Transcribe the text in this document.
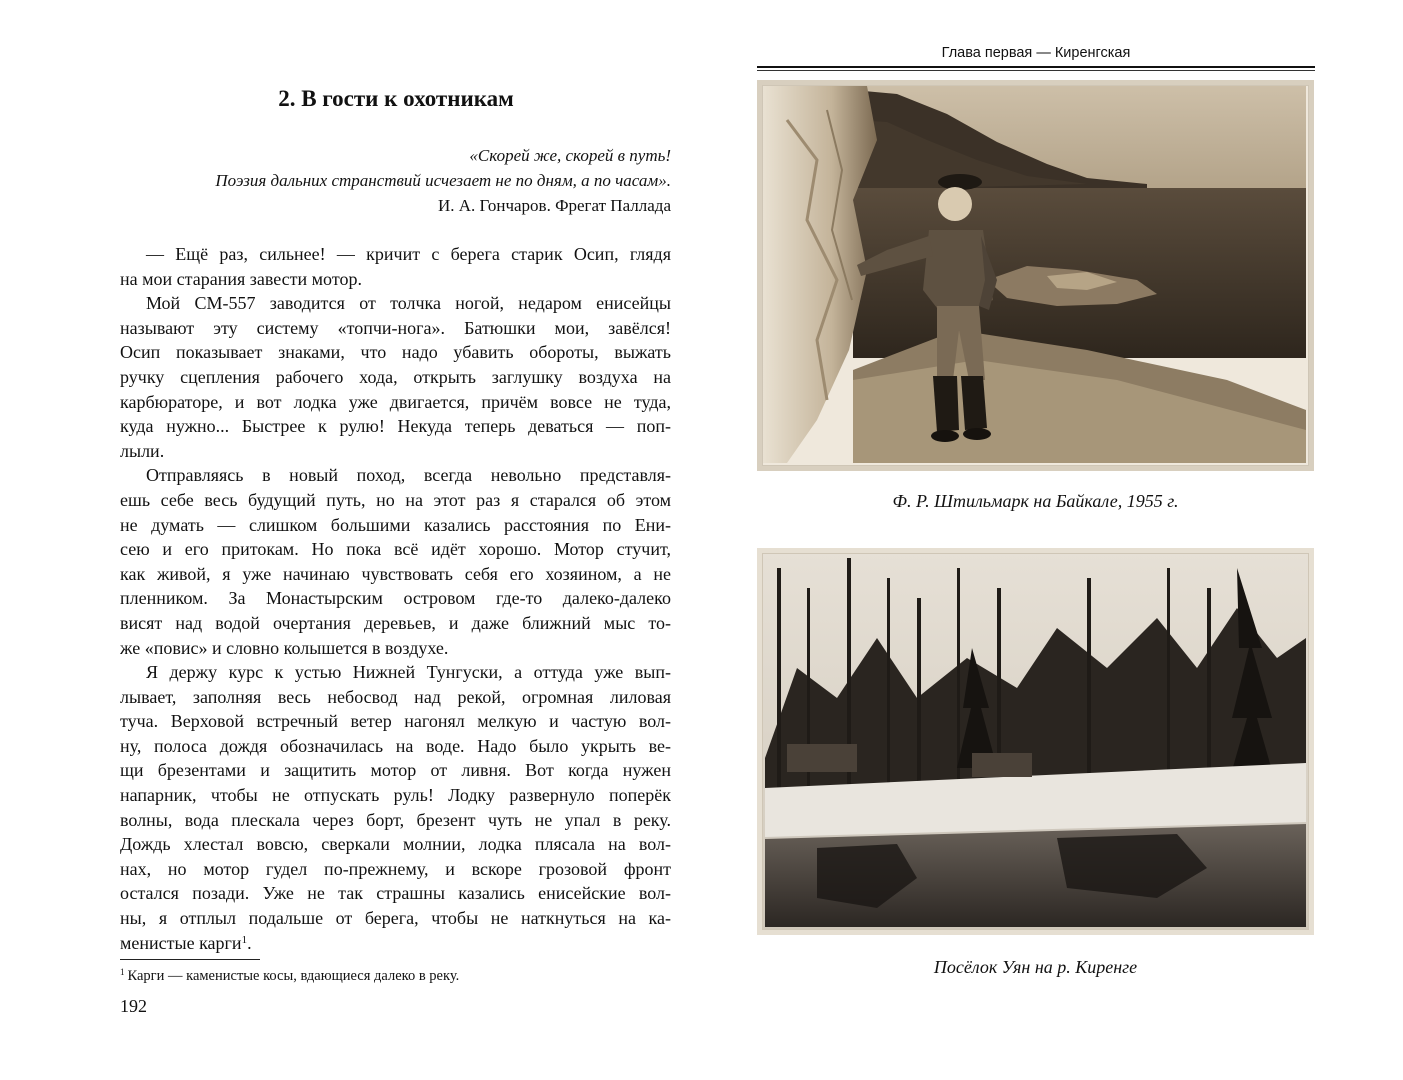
2. В гости к охотникам
«Скорей же, скорей в путь!
Поэзия дальних странствий исчезает не по дням, а по часам».
И. А. Гончаров. Фрегат Паллада
— Ещё раз, сильнее! — кричит с берега старик Осип, глядя
на мои старания завести мотор.
Мой СМ-557 заводится от толчка ногой, недаром енисейцы
называют эту систему «топчи-нога». Батюшки мои, завёлся!
Осип показывает знаками, что надо убавить обороты, выжать
ручку сцепления рабочего хода, открыть заглушку воздуха на
карбюраторе, и вот лодка уже двигается, причём вовсе не туда,
куда нужно... Быстрее к рулю! Некуда теперь деваться — поп-
лыли.
Отправляясь в новый поход, всегда невольно представля-
ешь себе весь будущий путь, но на этот раз я старался об этом
не думать — слишком большими казались расстояния по Ени-
сею и его притокам. Но пока всё идёт хорошо. Мотор стучит,
как живой, я уже начинаю чувствовать себя его хозяином, а не
пленником. За Монастырским островом где-то далеко-далеко
висят над водой очертания деревьев, и даже ближний мыс то-
же «повис» и словно колышется в воздухе.
Я держу курс к устью Нижней Тунгуски, а оттуда уже вып-
лывает, заполняя весь небосвод над рекой, огромная лиловая
туча. Верховой встречный ветер нагонял мелкую и частую вол-
ну, полоса дождя обозначилась на воде. Надо было укрыть ве-
щи брезентами и защитить мотор от ливня. Вот когда нужен
напарник, чтобы не отпускать руль! Лодку развернуло поперёк
волны, вода плескала через борт, брезент чуть не упал в реку.
Дождь хлестал вовсю, сверкали молнии, лодка плясала на вол-
нах, но мотор гудел по-прежнему, и вскоре грозовой фронт
остался позади. Уже не так страшны казались енисейские вол-
ны, я отплыл подальше от берега, чтобы не наткнуться на ка-
менистые карги$^1$.
$^1$ Карги — каменистые косы, вдающиеся далеко в реку.
192
Глава первая — Киренгская
Ф. Р. Штильмарк на Байкале, 1955 г.
Посёлок Уян на р. Киренге
